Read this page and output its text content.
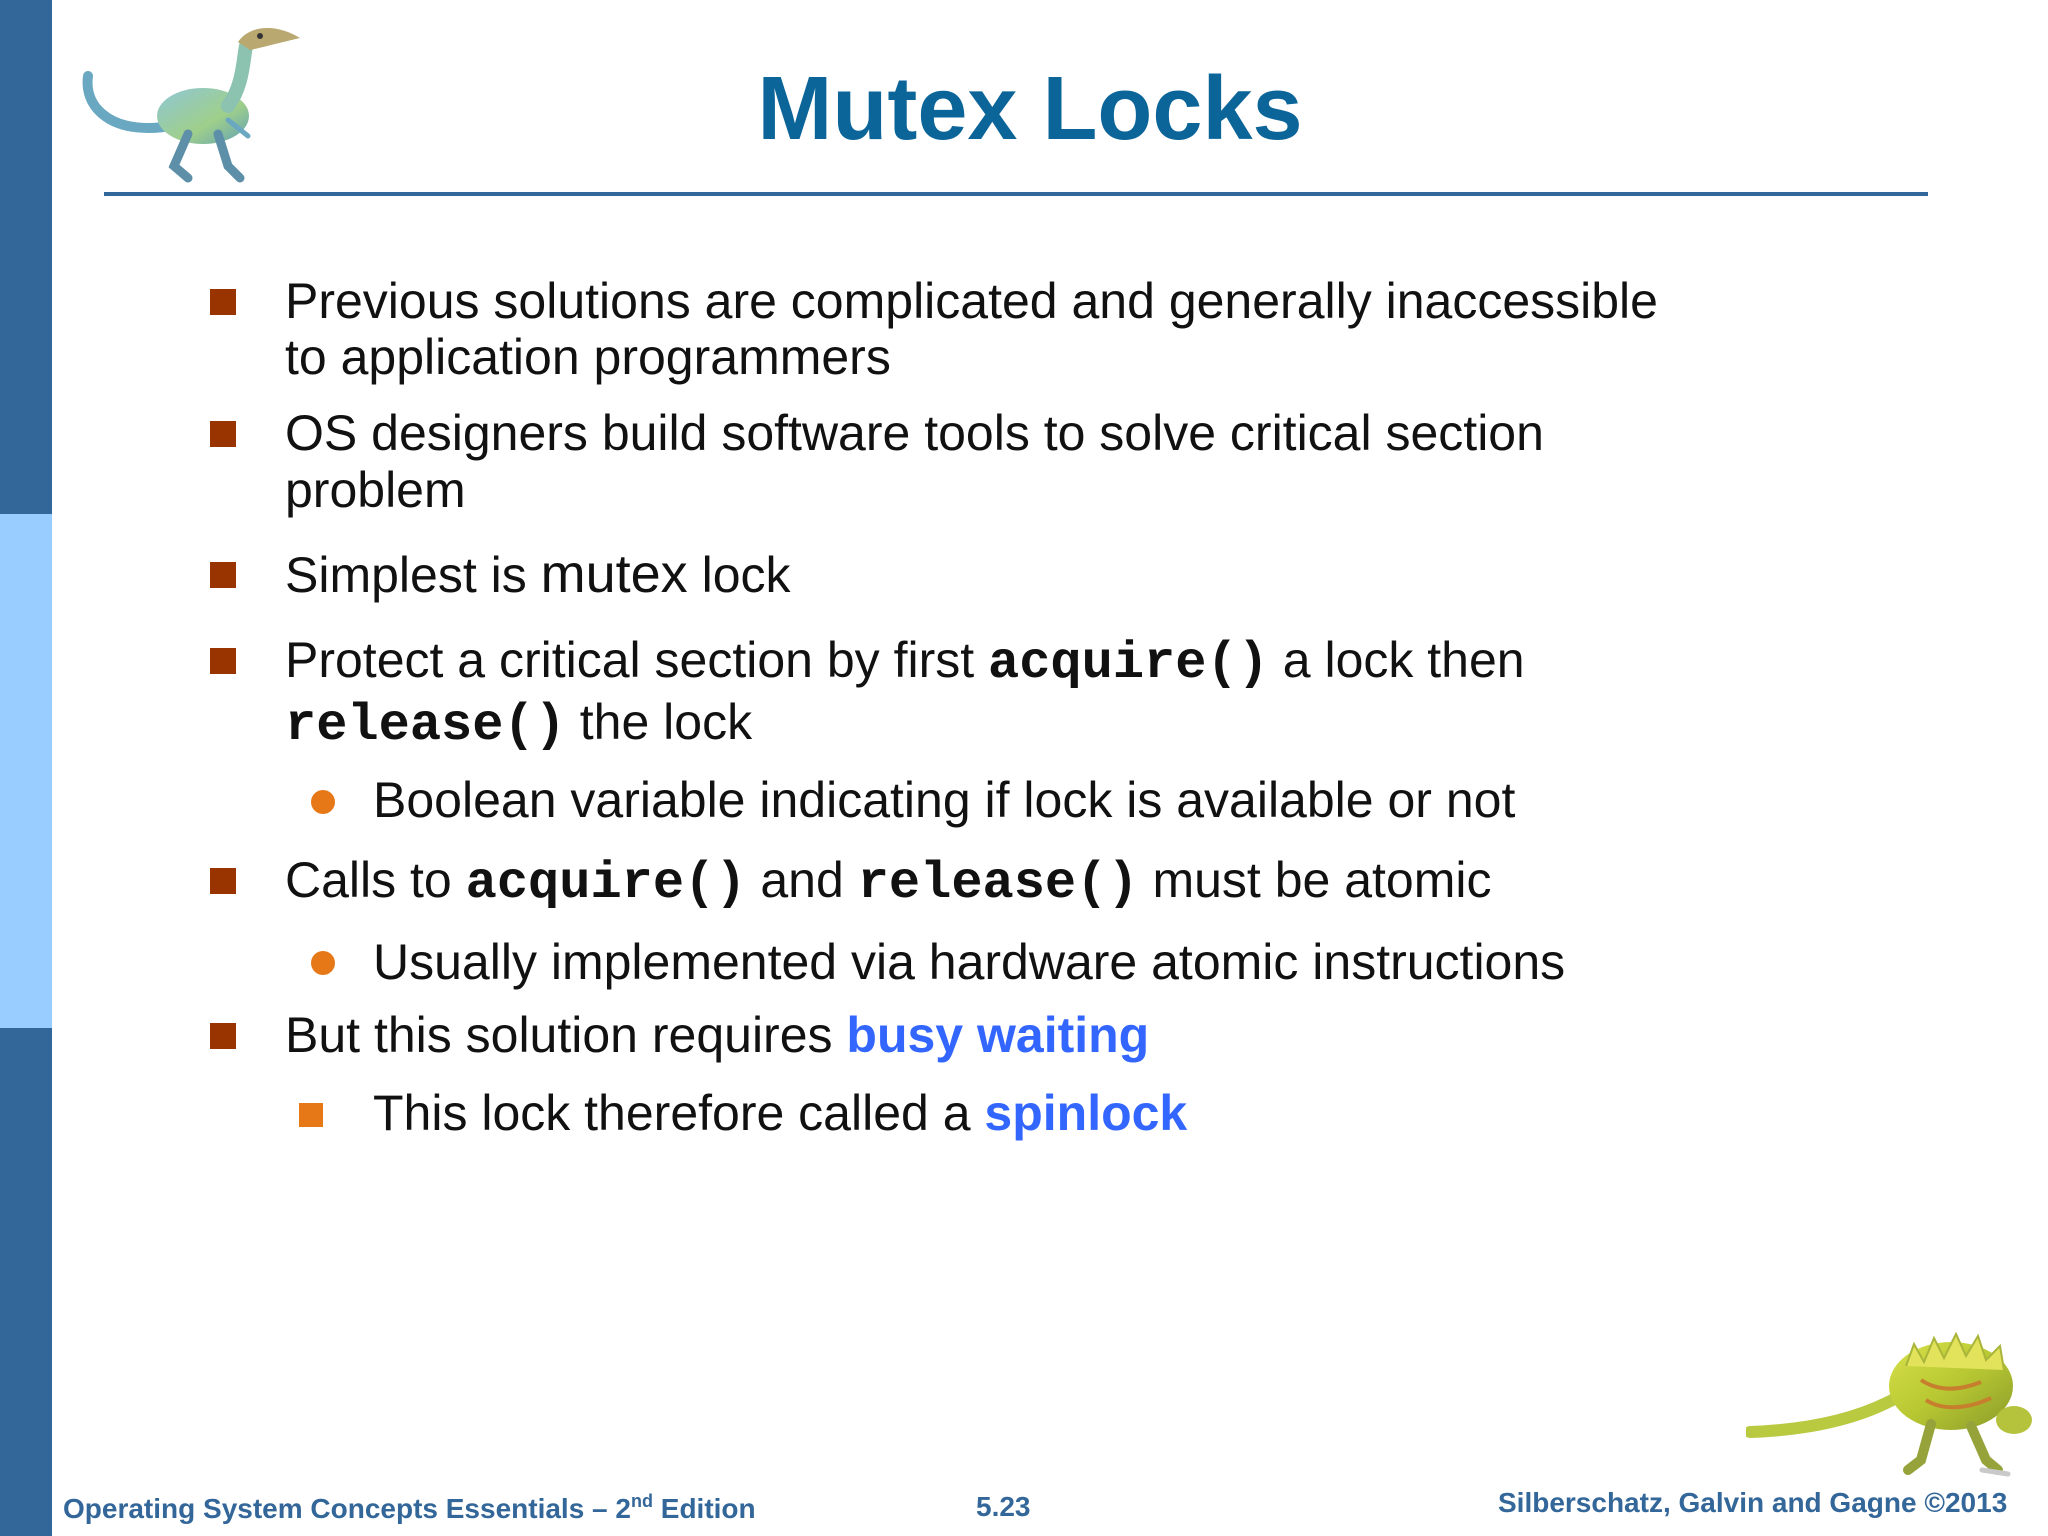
Mutex Locks
Previous solutions are complicated and generally inaccessible
to application programmers
OS designers build software tools to solve critical section
problem
Simplest is mutex lock
Protect a critical section by first acquire() a lock then
release() the lock
Boolean variable indicating if lock is available or not
Calls to acquire() and release() must be atomic
Usually implemented via hardware atomic instructions
But this solution requires busy waiting
This lock therefore called a spinlock
Operating System Concepts Essentials – 2nd Edition	5.23	Silberschatz, Galvin and Gagne ©2013
